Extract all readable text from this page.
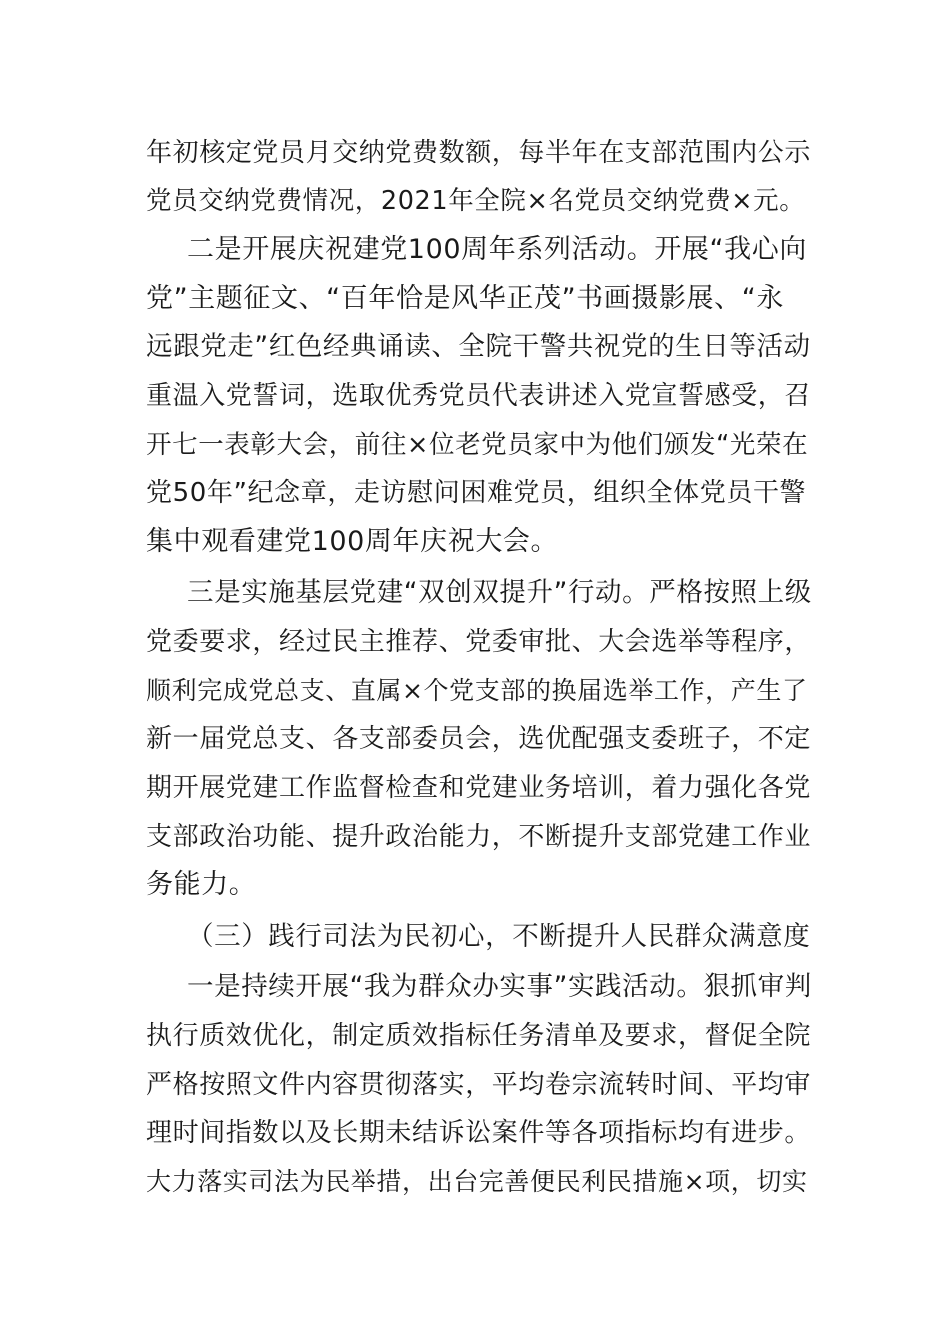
年初核定党员月交纳党费数额，每半年在支部范围内公示
党员交纳党费情况，2021年全院×名党员交纳党费×元。
二是开展庆祝建党100周年系列活动。开展“我心向
党”主题征文、“百年恰是风华正茂”书画摄影展、“永
远跟党走”红色经典诵读、全院干警共祝党的生日等活动
重温入党誓词，选取优秀党员代表讲述入党宣誓感受，召
开七一表彰大会，前往×位老党员家中为他们颁发“光荣在
党50年”纪念章，走访慰问困难党员，组织全体党员干警
集中观看建党100周年庆祝大会。
三是实施基层党建“双创双提升”行动。严格按照上级
党委要求，经过民主推荐、党委审批、大会选举等程序，
顺利完成党总支、直属×个党支部的换届选举工作，产生了
新一届党总支、各支部委员会，选优配强支委班子，不定
期开展党建工作监督检查和党建业务培训，着力强化各党
支部政治功能、提升政治能力，不断提升支部党建工作业
务能力。
（三）践行司法为民初心，不断提升人民群众满意度
一是持续开展“我为群众办实事”实践活动。狠抓审判
执行质效优化，制定质效指标任务清单及要求，督促全院
严格按照文件内容贯彻落实，平均卷宗流转时间、平均审
理时间指数以及长期未结诉讼案件等各项指标均有进步。
大力落实司法为民举措，出台完善便民利民措施×项，切实
